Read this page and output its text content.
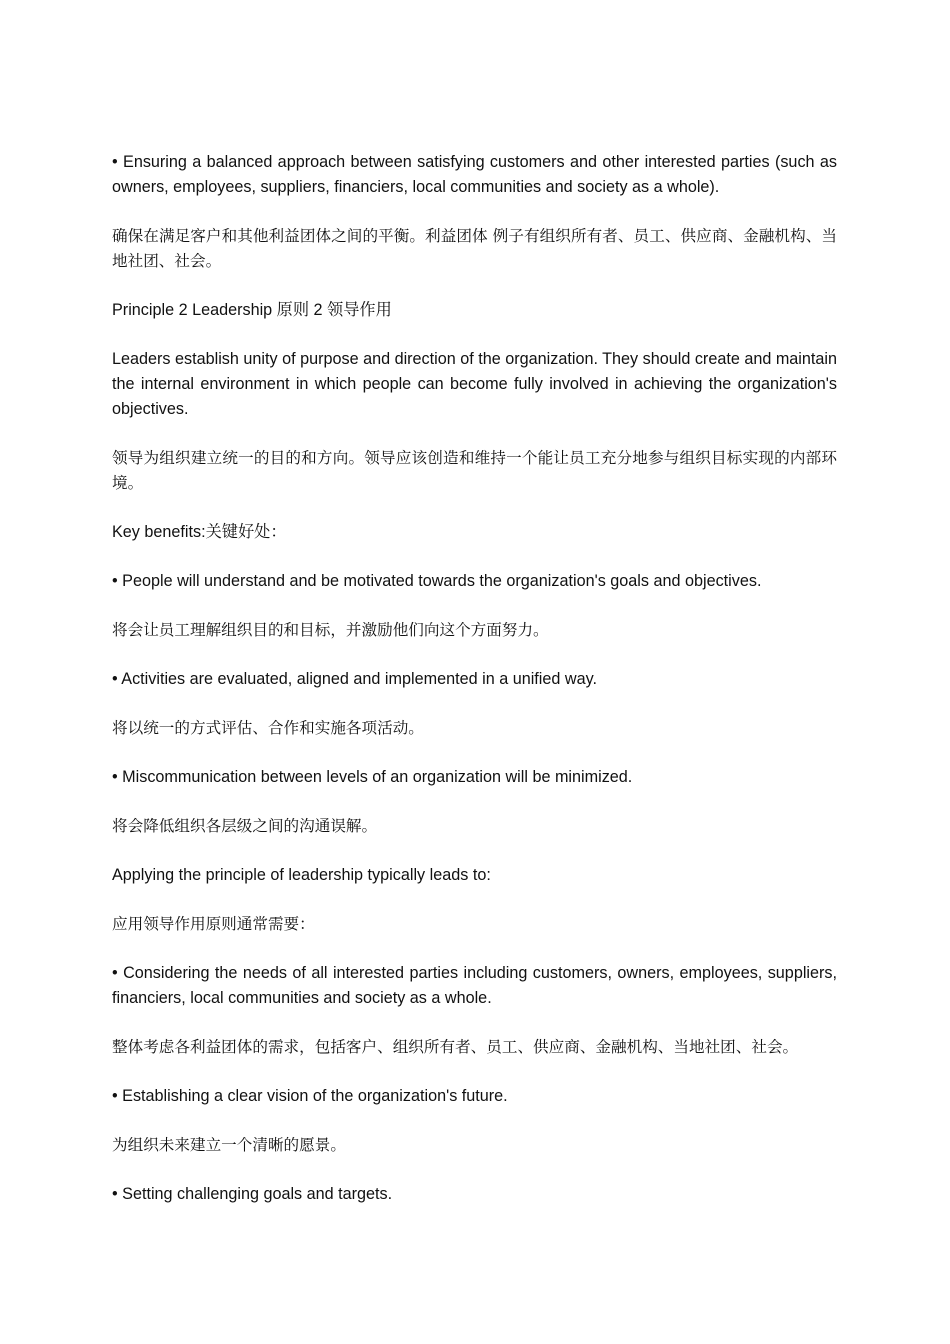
• Ensuring a balanced approach between satisfying customers and other interested parties (such as owners, employees, suppliers, financiers, local communities and society as a whole).

确保在满足客户和其他利益团体之间的平衡。利益团体 例子有组织所有者、员工、供应商、金融机构、当地社团、社会。

Principle 2 Leadership 原则 2 领导作用

Leaders establish unity of purpose and direction of the organization. They should create and maintain the internal environment in which people can become fully involved in achieving the organization's objectives.

领导为组织建立统一的目的和方向。领导应该创造和维持一个能让员工充分地参与组织目标实现的内部环境。

Key benefits:关键好处：

• People will understand and be motivated towards the organization's goals and objectives.

将会让员工理解组织目的和目标，并激励他们向这个方面努力。

• Activities are evaluated, aligned and implemented in a unified way.

将以统一的方式评估、合作和实施各项活动。

• Miscommunication between levels of an organization will be minimized.

将会降低组织各层级之间的沟通误解。

Applying the principle of leadership typically leads to:

应用领导作用原则通常需要：

• Considering the needs of all interested parties including customers, owners, employees, suppliers, financiers, local communities and society as a whole.

整体考虑各利益团体的需求，包括客户、组织所有者、员工、供应商、金融机构、当地社团、社会。

• Establishing a clear vision of the organization's future.

为组织未来建立一个清晰的愿景。

• Setting challenging goals and targets.
